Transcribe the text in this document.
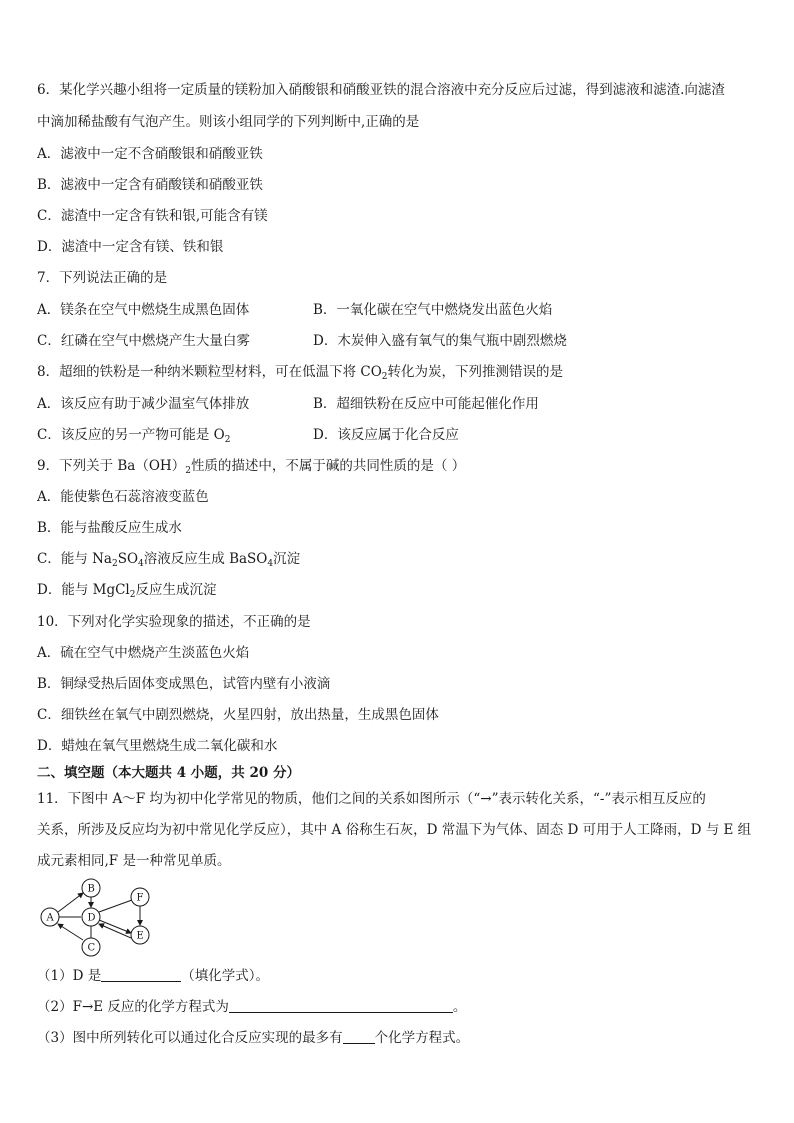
6．某化学兴趣小组将一定质量的镁粉加入硝酸银和硝酸亚铁的混合溶液中充分反应后过滤，得到滤液和滤渣.向滤渣
中滴加稀盐酸有气泡产生。则该小组同学的下列判断中,正确的是
A．滤液中一定不含硝酸银和硝酸亚铁
B．滤液中一定含有硝酸镁和硝酸亚铁
C．滤渣中一定含有铁和银,可能含有镁
D．滤渣中一定含有镁、铁和银
7．下列说法正确的是
A．镁条在空气中燃烧生成黑色固体	B．一氧化碳在空气中燃烧发出蓝色火焰
C．红磷在空气中燃烧产生大量白雾	D．木炭伸入盛有氧气的集气瓶中剧烈燃烧
8．超细的铁粉是一种纳米颗粒型材料，可在低温下将 $CO_2$转化为炭，下列推测错误的是
A．该反应有助于减少温室气体排放	B．超细铁粉在反应中可能起催化作用
C．该反应的另一产物可能是 $O_2$	D．该反应属于化合反应
9．下列关于 $Ba(OH)_2$性质的描述中，不属于碱的共同性质的是（ ）
A．能使紫色石蕊溶液变蓝色
B．能与盐酸反应生成水
C．能与 $Na_2SO_4$溶液反应生成 BaSO$_4$沉淀
D．能与 MgCl$_2$反应生成沉淀
10．下列对化学实验现象的描述，不正确的是
A．硫在空气中燃烧产生淡蓝色火焰
B．铜绿受热后固体变成黑色，试管内壁有小液滴
C．细铁丝在氧气中剧烈燃烧，火星四射，放出热量，生成黑色固体
D．蜡烛在氧气里燃烧生成二氧化碳和水
二、填空题（本大题共 4 小题，共 20 分）
11．下图中 A～F 均为初中化学常见的物质，他们之间的关系如图所示（“→”表示转化关系，“-”表示相互反应的
关系，所涉及反应均为初中常见化学反应），其中 A 俗称生石灰，D 常温下为气体、固态 D 可用于人工降雨，D 与 E 组
成元素相同,F 是一种常见单质。
A
B
C
D
E
F
（1）D 是	（填化学式）。
（2）F→E 反应的化学方程式为	。
（3）图中所列转化可以通过化合反应实现的最多有 个化学方程式。
